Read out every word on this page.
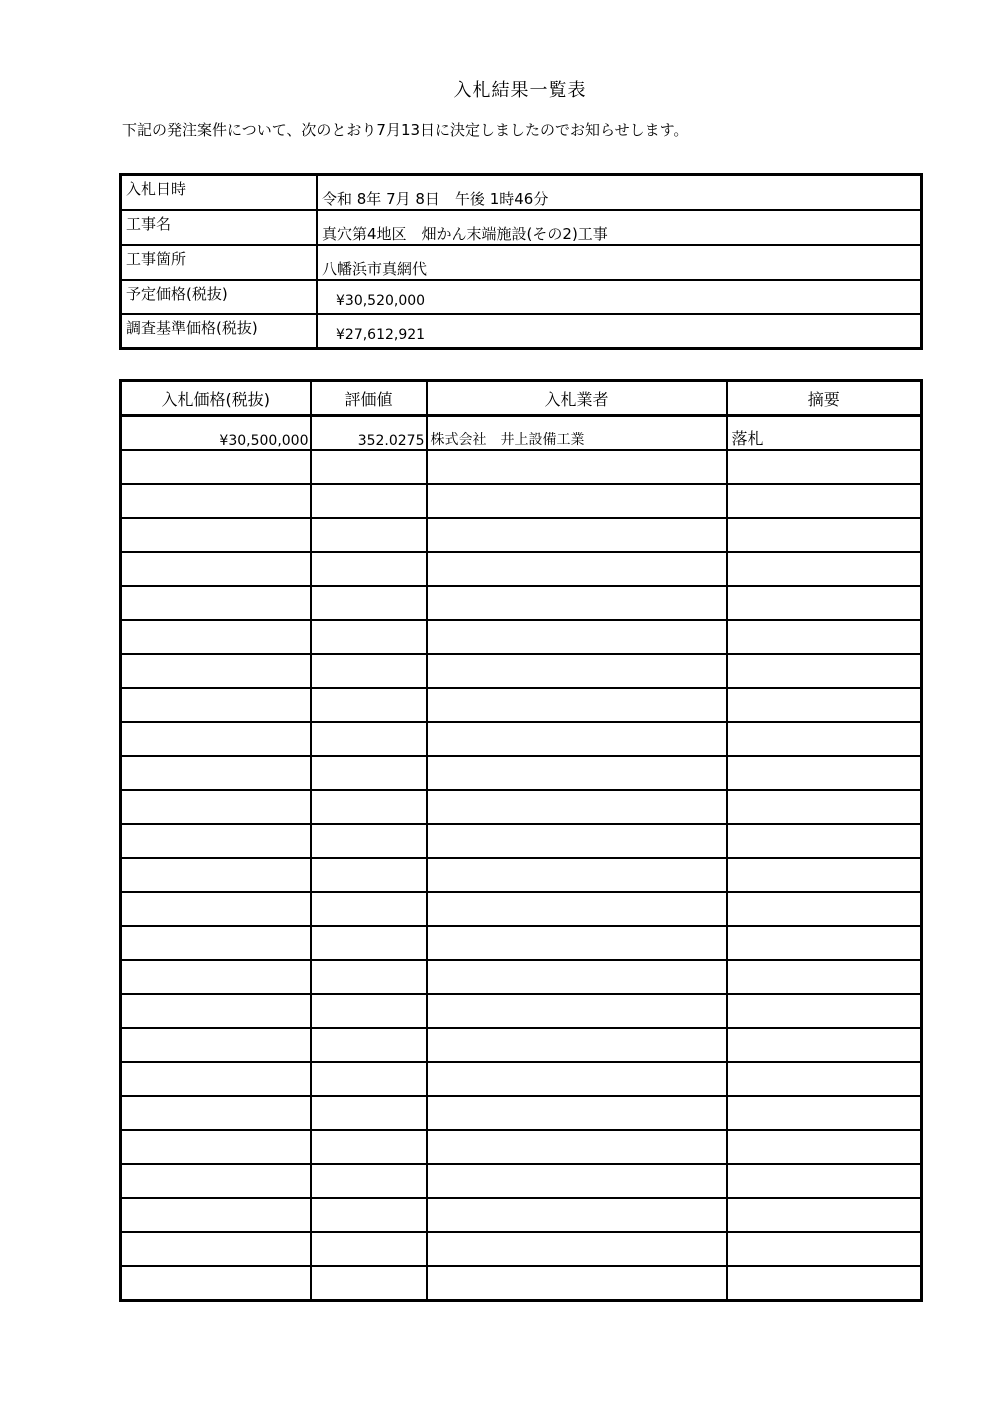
入札結果一覧表
下記の発注案件について、次のとおり7月13日に決定しましたのでお知らせします。
入札日時	令和 8年 7月 8日　午後 1時46分
工事名	真穴第4地区　畑かん末端施設(その2)工事
工事箇所	八幡浜市真網代
予定価格(税抜)	¥30,520,000
調査基準価格(税抜)	¥27,612,921
入札価格(税抜)	評価値	入札業者	摘要
¥30,500,000	352.0275	株式会社　井上設備工業	落札
